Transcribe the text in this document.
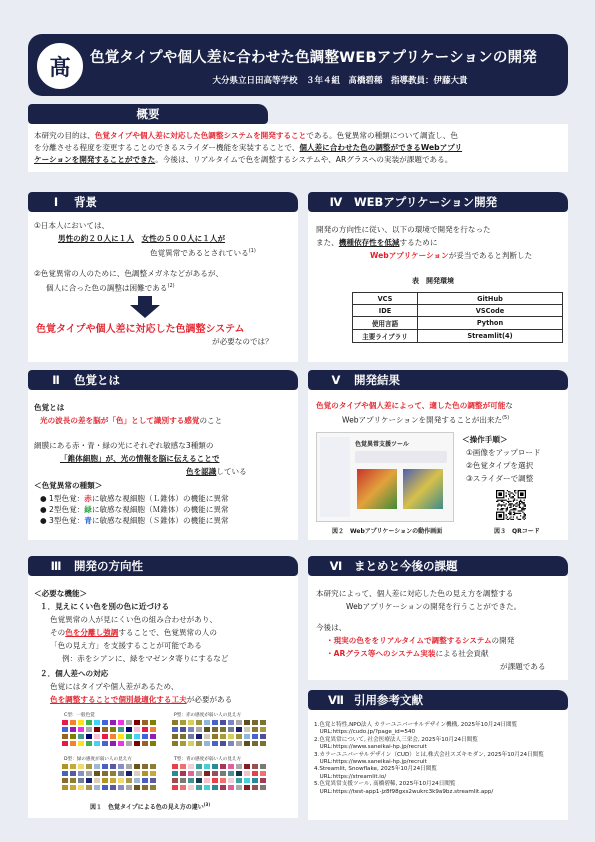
髙 色覚タイプや個人差に合わせた色調整WEBアプリケーションの開発
大分県立日田高等学校　３年４組　髙橋碧稀　指導教員：伊藤大貴
概要
本研究の目的は、色覚タイプや個人差に対応した色調整システムを開発することである。色覚異常の種類について調査し、色
を分離させる程度を変更することのできるスライダー機能を実装することで、個人差に合わせた色の調整ができるWebアプリ
ケーションを開発することができた。今後は、リアルタイムで色を調整するシステムや、ARグラスへの実装が課題である。
Ⅰ	背景
①日本人においては、
男性の約２０人に１人　 女性の５００人に１人が
色覚異常であるとされている$^{(1)}$
②色覚異常の人のために、色調整メガネなどがあるが、
個人に合った色の調整は困難である$^{(2)}$
色覚タイプや個人差に対応した色調整システム
が必要なのでは？
Ⅱ	色覚とは
色覚とは
光の波長の差を脳が「色」として識別する感覚のこと
網膜にある赤・青・緑の光にそれぞれ敏感な3種類の
「錐体細胞」が、光の情報を脳に伝えることで
色を認識している
＜色覚異常の種類＞
● 1型色覚：赤に敏感な視細胞（Ｌ錐体）の機能に異常
● 2型色覚：緑に敏感な視細胞（Ｍ錐体）の機能に異常
● 3型色覚：青に敏感な視細胞（Ｓ錐体）の機能に異常
Ⅲ	開発の方向性
＜必要な機能＞
１．見えにくい色を別の色に近づける
色覚異常の人が見にくい色の組み合わせがあり、
その色を分離し強調することで、色覚異常の人の
「色の見え方」を支援することが可能である
例：赤をシアンに、緑をマゼンタ寄りにするなど
２．個人差への対応
色覚にはタイプや個人差があるため、
色を調整することで個別最適化する工夫が必要がある
C型：一般色覚	P型：赤の感度が弱い人の見え方
D型：緑の感度が弱い人の見え方	T型：青の感度が弱い人の見え方
図１　色覚タイプによる色の見え方の違い$^{(3)}$
Ⅳ	WEBアプリケーション開発
開発の方向性に従い、以下の環境で開発を行なった
また、機種依存性を低減するために
Webアプリケーションが妥当であると判断した
表　開発環境
VCS	GitHub
IDE	VSCode
使用言語	Python
主要ライブラリ	Streamlit(4)
Ⅴ	開発結果
色覚のタイプや個人差によって、適した色の調整が可能な
Webアプリケーションを開発することが出来た$^{(5)}$
色覚異常支援ツール
＜操作手順＞
①画像をアップロード
②色覚タイプを選択
③スライダーで調整
図２　Webアプリケーションの動作画面	図３　QRコード
Ⅵ	まとめと今後の課題
本研究によって、個人差に対応した色の見え方を調整する
Webアプリケーションの開発を行うことができた。
今後は、
・現実の色ををリアルタイムで調整するシステムの開発
・ARグラス等へのシステム実装による社会貢献
が課題である
Ⅶ 引用参考文献
1.色覚と特性,NPO法人 カラーユニバーサルデザイン機構, 2025年10月24日閲覧
　URL:https://cudo.jp/?page_id=540
2.色覚異常について, 社会医療法人三栄会, 2025年10月24日閲覧
　URL:https://www.saneikai-hp.jp/recruit
3.カラーユニバーサルデザイン（CUD）とは,株式会社スズキモダン, 2025年10月24日閲覧
　URL:https://www.saneikai-hp.jp/recruit
4.Streamlit, Snowflake, 2025年10月24日閲覧
　URL:https://streamlit.io/
5.色覚異常支援ツール, 髙橋碧稀, 2025年10月24日閲覧
　URL:https://test-app1-jz8f98gxs2wukrc3k9a9bz.streamlit.app/
